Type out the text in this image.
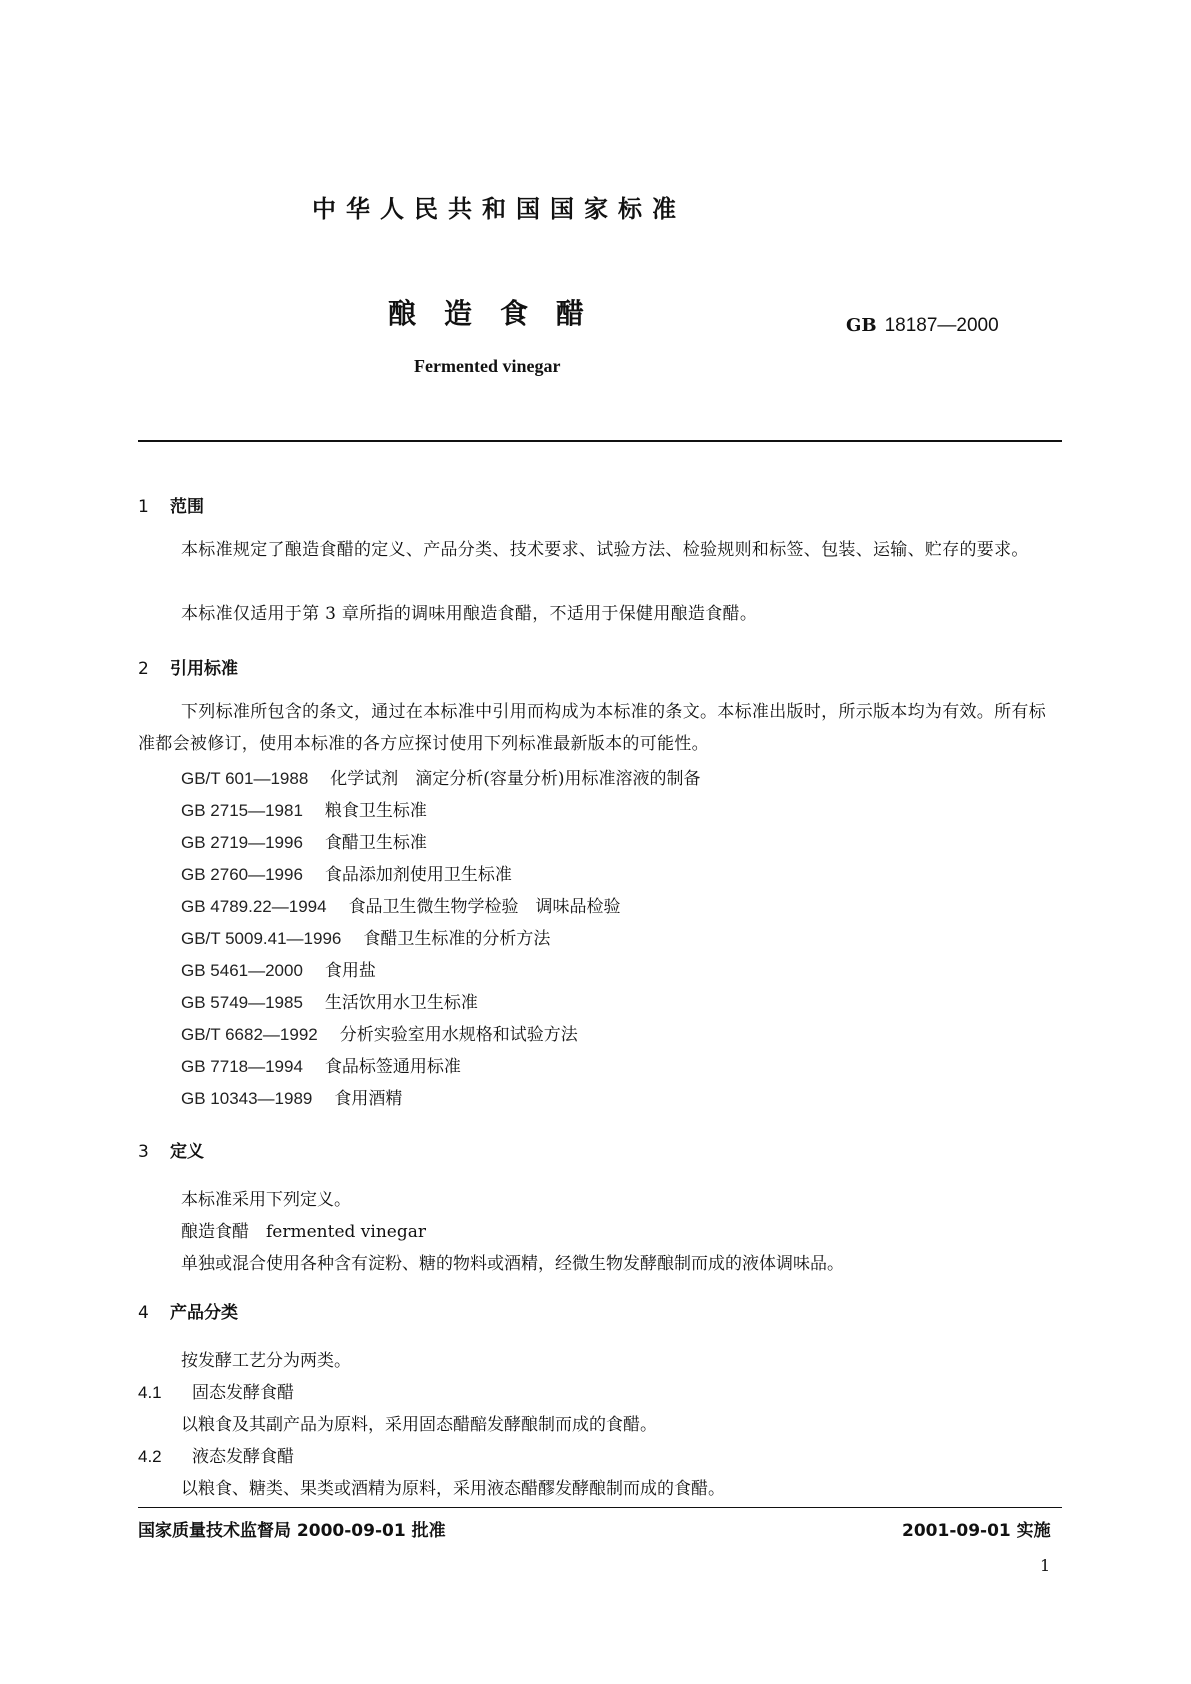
中华人民共和国国家标准
酿造食醋	GB 18187—2000
Fermented vinegar
1 范围
本标准规定了酿造食醋的定义、产品分类、技术要求、试验方法、检验规则和标签、包装、运输、贮存的要求。
本标准仅适用于第 3 章所指的调味用酿造食醋，不适用于保健用酿造食醋。
2 引用标准
下列标准所包含的条文，通过在本标准中引用而构成为本标准的条文。本标准出版时，所示版本均为有效。所有标准都会被修订，使用本标准的各方应探讨使用下列标准最新版本的可能性。
GB/T 601—1988 化学试剂　滴定分析(容量分析)用标准溶液的制备
GB 2715—1981 粮食卫生标准
GB 2719—1996 食醋卫生标准
GB 2760—1996 食品添加剂使用卫生标准
GB 4789.22—1994 食品卫生微生物学检验　调味品检验
GB/T 5009.41—1996 食醋卫生标准的分析方法
GB 5461—2000 食用盐
GB 5749—1985 生活饮用水卫生标准
GB/T 6682—1992 分析实验室用水规格和试验方法
GB 7718—1994 食品标签通用标准
GB 10343—1989 食用酒精
3 定义
本标准采用下列定义。
酿造食醋　fermented vinegar
单独或混合使用各种含有淀粉、糖的物料或酒精，经微生物发酵酿制而成的液体调味品。
4 产品分类
按发酵工艺分为两类。
4.1 固态发酵食醋
以粮食及其副产品为原料，采用固态醋醅发酵酿制而成的食醋。
4.2 液态发酵食醋
以粮食、糖类、果类或酒精为原料，采用液态醋醪发酵酿制而成的食醋。
国家质量技术监督局 2000-09-01 批准	2001-09-01 实施
1
